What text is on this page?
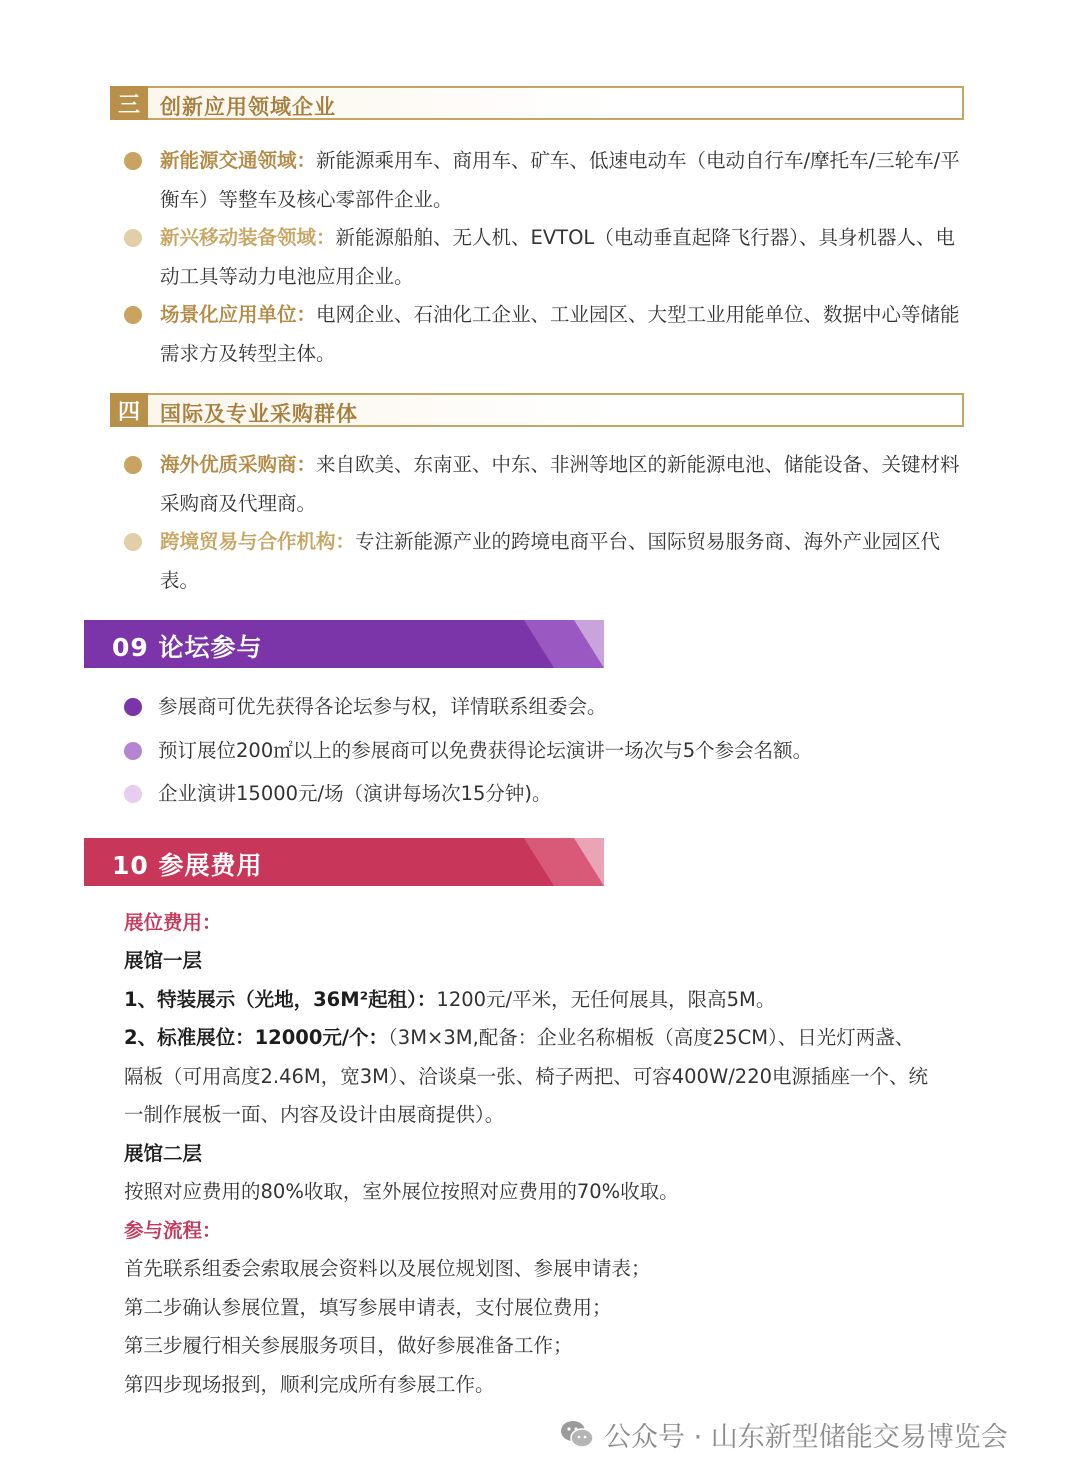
三 创新应用领域企业
新能源交通领域：新能源乘用车、商用车、矿车、低速电动车（电动自行车/摩托车/三轮车/平衡车）等整车及核心零部件企业。
新兴移动装备领域：新能源船舶、无人机、EVTOL（电动垂直起降飞行器）、具身机器人、电动工具等动力电池应用企业。
场景化应用单位：电网企业、石油化工企业、工业园区、大型工业用能单位、数据中心等储能需求方及转型主体。
四 国际及专业采购群体
海外优质采购商：来自欧美、东南亚、中东、非洲等地区的新能源电池、储能设备、关键材料采购商及代理商。
跨境贸易与合作机构：专注新能源产业的跨境电商平台、国际贸易服务商、海外产业园区代表。
09 论坛参与
参展商可优先获得各论坛参与权，详情联系组委会。
预订展位200㎡以上的参展商可以免费获得论坛演讲一场次与5个参会名额。
企业演讲15000元/场（演讲每场次15分钟)。
10 参展费用
展位费用：
展馆一层
1、特装展示（光地，36M²起租）：1200元/平米，无任何展具，限高5M。
2、标准展位：12000元/个：（3M×3M,配备：企业名称楣板（高度25CM）、日光灯两盏、
隔板（可用高度2.46M，宽3M）、洽谈桌一张、椅子两把、可容400W/220电源插座一个、统
一制作展板一面、内容及设计由展商提供）。
展馆二层
按照对应费用的80%收取，室外展位按照对应费用的70%收取。
参与流程：
首先联系组委会索取展会资料以及展位规划图、参展申请表；
第二步确认参展位置，填写参展申请表，支付展位费用；
第三步履行相关参展服务项目，做好参展准备工作；
第四步现场报到，顺利完成所有参展工作。
公众号 · 山东新型储能交易博览会
